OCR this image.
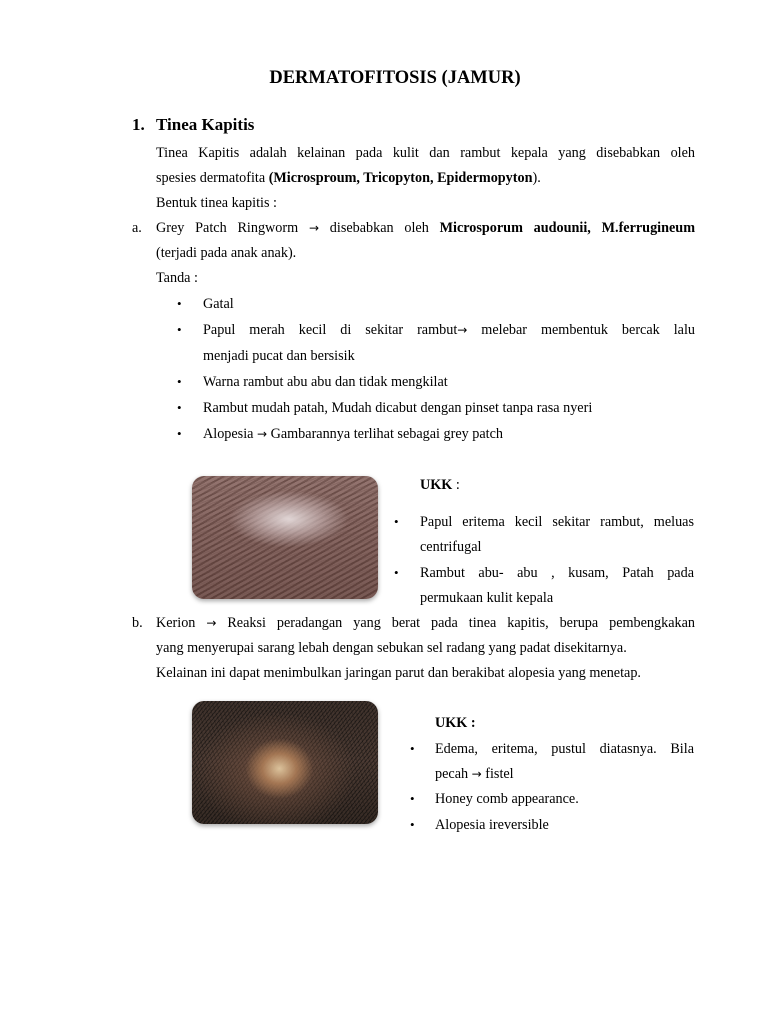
DERMATOFITOSIS (JAMUR)
1. Tinea Kapitis
Tinea Kapitis adalah kelainan pada kulit dan rambut kepala yang disebabkan oleh
spesies dermatofita (Microsproum, Tricopyton, Epidermopyton).
Bentuk tinea kapitis :
a. Grey Patch Ringworm → disebabkan oleh Microsporum audounii, M.ferrugineum
(terjadi pada anak anak).
Tanda :
• Gatal
• Papul merah kecil di sekitar rambut→ melebar membentuk bercak lalu
menjadi pucat dan bersisik
• Warna rambut abu abu dan tidak mengkilat
• Rambut mudah patah, Mudah dicabut dengan pinset tanpa rasa nyeri
• Alopesia → Gambarannya terlihat sebagai grey patch
UKK :
• Papul eritema kecil sekitar rambut, meluas
centrifugal
• Rambut abu- abu , kusam, Patah pada
permukaan kulit kepala
b. Kerion → Reaksi peradangan yang berat pada tinea kapitis, berupa pembengkakan
yang menyerupai sarang lebah dengan sebukan sel radang yang padat disekitarnya.
Kelainan ini dapat menimbulkan jaringan parut dan berakibat alopesia yang menetap.
UKK :
• Edema, eritema, pustul diatasnya. Bila
pecah → fistel
• Honey comb appearance.
• Alopesia ireversible
